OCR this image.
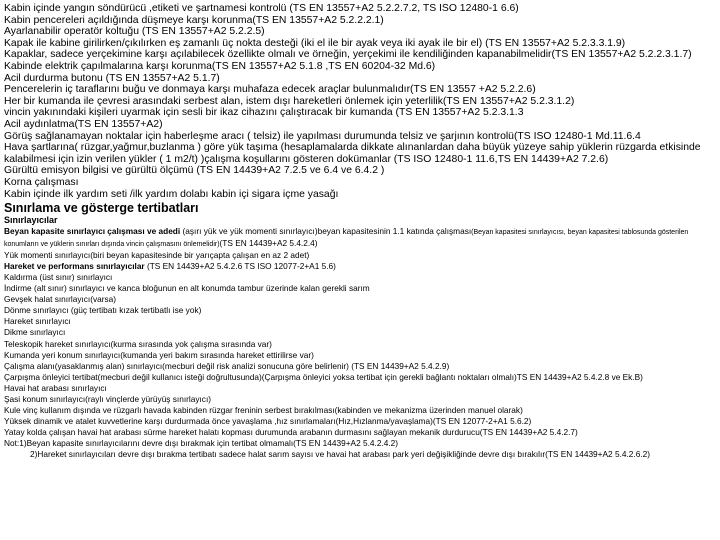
Kabin içinde yangın söndürücü ,etiketi ve şartnamesi kontrolü (TS EN 13557+A2 5.2.2.7.2, TS ISO 12480-1 6.6)
Kabin pencereleri açıldığında düşmeye karşı korunma(TS EN 13557+A2 5.2.2.2.1)
Ayarlanabilir operatör koltuğu (TS EN 13557+A2 5.2.2.5)
Kapak ile kabine girilirken/çıkılırken eş zamanlı üç nokta desteği (iki el ile bir ayak veya iki ayak ile bir el) (TS EN 13557+A2 5.2.3.3.1.9)
Kapaklar, sadece yerçekimine karşı açılabilecek özellikte olmalı ve örneğin, yerçekimi ile kendiliğinden kapanabilmelidir(TS EN 13557+A2 5.2.2.3.1.7)
Kabinde elektrik çapılmalarına karşı korunma(TS EN 13557+A2 5.1.8 ,TS EN 60204-32 Md.6)
Acil durdurma butonu (TS EN 13557+A2 5.1.7)
Pencerelerin iç taraflarını buğu ve donmaya karşı muhafaza edecek araçlar bulunmalıdır(TS EN 13557 +A2 5.2.2.6)
Her bir kumanda ile çevresi arasındaki serbest alan, istem dışı hareketleri önlemek için yeterlilik(TS EN 13557+A2 5.2.3.1.2)
vincin yakınındaki kişileri uyarmak için sesli bir ikaz cihazını çalıştıracak bir kumanda (TS EN 13557+A2 5.2.3.1.3
Acil aydınlatma(TS EN 13557+A2)
Görüş sağlanamayan noktalar için haberleşme aracı ( telsiz) ile yapılması durumunda telsiz ve şarjının kontrolü(TS ISO 12480-1 Md.11.6.4
Hava şartlarına( rüzgar,yağmur,buzlanma ) göre yük taşıma (hesaplamalarda dikkate alınanlardan daha büyük yüzeye sahip yüklerin rüzgarda etkisinde kalabilmesi için izin verilen yükler ( 1 m2/t) )çalışma koşullarını gösteren dokümanlar (TS ISO 12480-1 11.6,TS EN 14439+A2 7.2.6)
Gürültü emisyon bilgisi ve gürültü ölçümü (TS EN 14439+A2 7.2.5 ve 6.4 ve 6.4.2 )
Korna çalışması
Kabin içinde ilk yardım seti /ilk yardım dolabı kabin içi sigara içme yasağı
Sınırlama ve gösterge tertibatları
Sınırlayıcılar
Beyan kapasite sınırlayıcı çalışması ve adedi (aşırı yük ve yük momenti sınırlayıcı)beyan kapasitesinin 1.1 katında çalışması(Beyan kapasitesi sınırlayıcısı, beyan kapasitesi tablosunda gösterilen konumların ve yüklerin sınırları dışında vincin çalışmasını önlemelidir)(TS EN 14439+A2 5.4.2.4)
Yük momenti sınırlayıcı(biri beyan kapasitesinde bir yarıçapta çalışan en az 2 adet)
Hareket ve performans sınırlayıcılar (TS EN 14439+A2 5.4.2.6 TS ISO 12077-2+A1 5.6)
Kaldırma (üst sınır) sınırlayıcı
İndirme (alt sınır) sınırlayıcı ve kanca bloğunun en alt konumda tambur üzerinde kalan gerekli sarım
Gevşek halat sınırlayıcı(varsa)
Dönme sınırlayıcı (güç tertibatı kızak tertibatlı ise yok)
Hareket sınırlayıcı
Dikme sınırlayıcı
Teleskopik hareket sınırlayıcı(kurma sırasında yok çalışma sırasında var)
Kumanda yeri konum sınırlayıcı(kumanda yeri bakım sırasında hareket ettirilirse var)
Çalışma alanı(yasaklanmış alan) sınırlayıcı(mecburi değil risk analizi sonucuna göre belirlenir) (TS EN 14439+A2 5.4.2.9)
Çarpışma önleyici tertibat(mecburi değil kullanıcı isteği doğrultusunda)(Çarpışma önleyici yoksa tertibat için gerekli bağlantı noktaları olmalı)TS EN 14439+A2 5.4.2.8 ve Ek.B)
Havai hat arabası sınırlayıcı
Şasi konum sınırlayıcı(raylı vinçlerde yürüyüş sınırlayıcı)
Kule vinç kullanım dışında ve rüzgarlı havada kabinden rüzgar freninin serbest bırakılması(kabinden ve mekanizma üzerinden manuel olarak)
Yüksek dinamik ve atalet kuvvetlerine karşı durdurmada önce yavaşlama ,hız sınırlamaları(Hız,Hızlanma/yavaşlama)(TS EN 12077-2+A1 5.6.2)
Yatay kolda çalışan havai hat arabası sürme hareket halatı kopması durumunda arabanın durmasını sağlayan mekanik durdurucu(TS EN 14439+A2 5.4.2.7)
Not:1)Beyan kapasite sınırlayıcılarını devre dışı bırakmak için tertibat olmamalı(TS EN 14439+A2 5.4.2.4.2)
2)Hareket sınırlayıcıları devre dışı bırakma tertibatı sadece halat sarım sayısı ve havai hat arabası park yeri değişikliğinde devre dışı bırakılır(TS EN 14439+A2 5.4.2.6.2)
